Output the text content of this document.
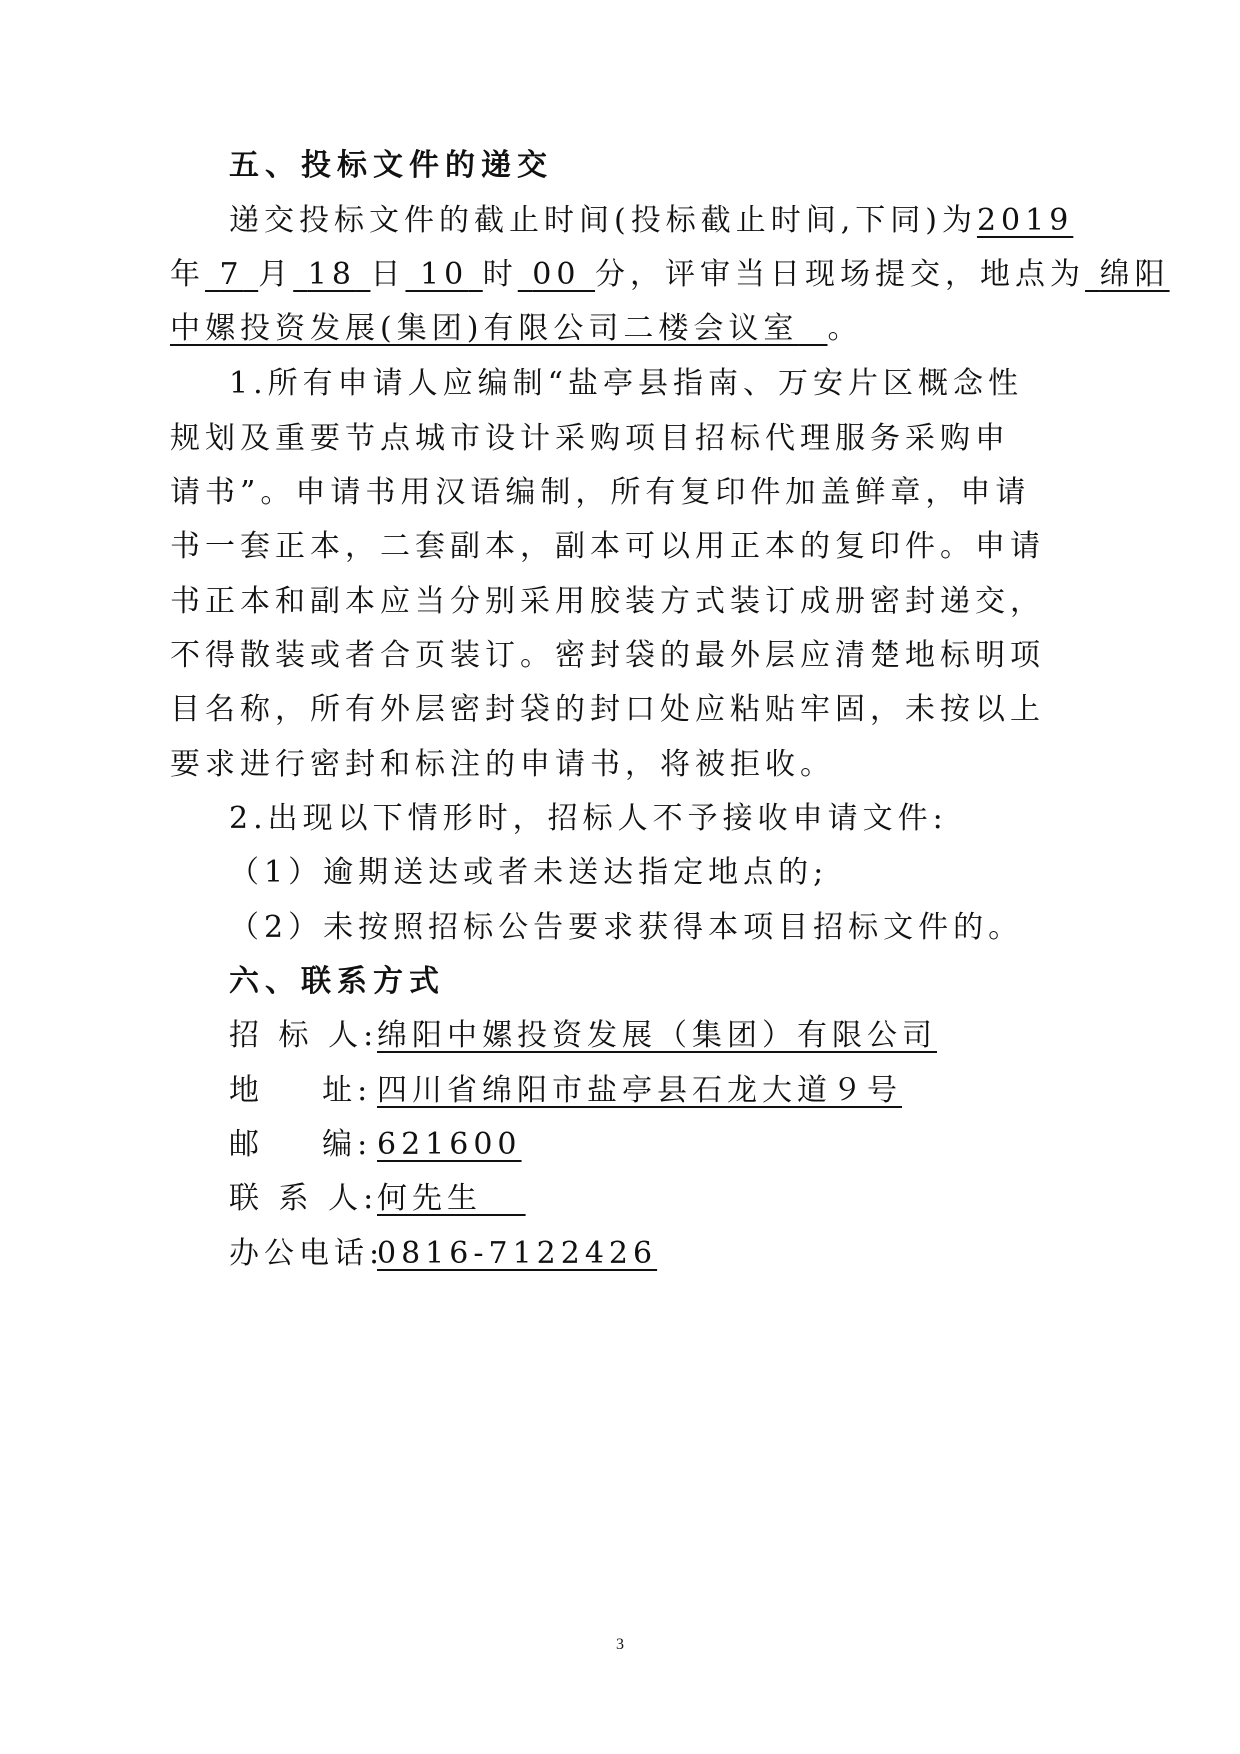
五、投标文件的递交
递交投标文件的截止时间(投标截止时间,下同)为2019
年 7 月 18 日 10 时 00 分，评审当日现场提交，地点为 绵阳
中嫘投资发展(集团)有限公司二楼会议室 。
1.所有申请人应编制“盐亭县指南、万安片区概念性
规划及重要节点城市设计采购项目招标代理服务采购申
请书”。申请书用汉语编制，所有复印件加盖鲜章，申请
书一套正本，二套副本，副本可以用正本的复印件。申请
书正本和副本应当分别采用胶装方式装订成册密封递交，
不得散装或者合页装订。密封袋的最外层应清楚地标明项
目名称，所有外层密封袋的封口处应粘贴牢固，未按以上
要求进行密封和标注的申请书，将被拒收。
2.出现以下情形时，招标人不予接收申请文件:
（1）逾期送达或者未送达指定地点的;
（2）未按照招标公告要求获得本项目招标文件的。
六、联系方式
招 标 人:绵阳中嫘投资发展（集团）有限公司
地    址: 四川省绵阳市盐亭县石龙大道９号
邮    编: 621600
联 系 人:何先生
办公电话:0816-7122426
3
